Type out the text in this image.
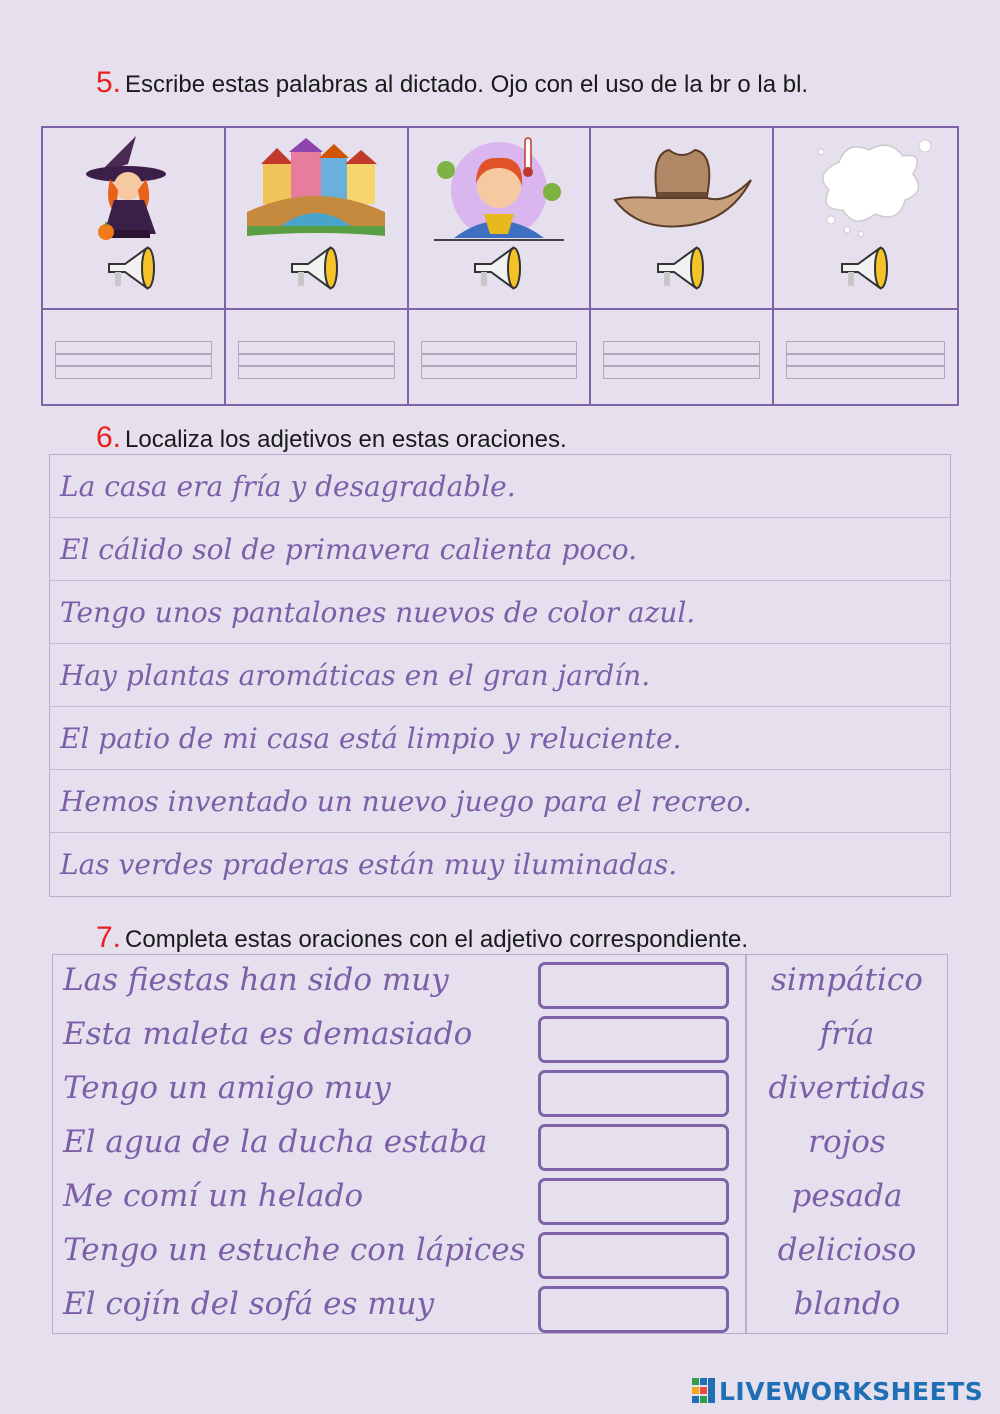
5. Escribe estas palabras al dictado. Ojo con el uso de la br o la bl.
6. Localiza los adjetivos en estas oraciones.
La casa era fría y desagradable.
El cálido sol de primavera calienta poco.
Tengo unos pantalones nuevos de color azul.
Hay plantas aromáticas en el gran jardín.
El patio de mi casa está limpio y reluciente.
Hemos inventado un nuevo juego para el recreo.
Las verdes praderas están muy iluminadas.
7. Completa estas oraciones con el adjetivo correspondiente.
Las fiestas han sido muy	simpático
Esta maleta es demasiado	fría
Tengo un amigo muy	divertidas
El agua de la ducha estaba	rojos
Me comí un helado	pesada
Tengo un estuche con lápices	delicioso
El cojín del sofá es muy	blando
LIVEWORKSHEETS
